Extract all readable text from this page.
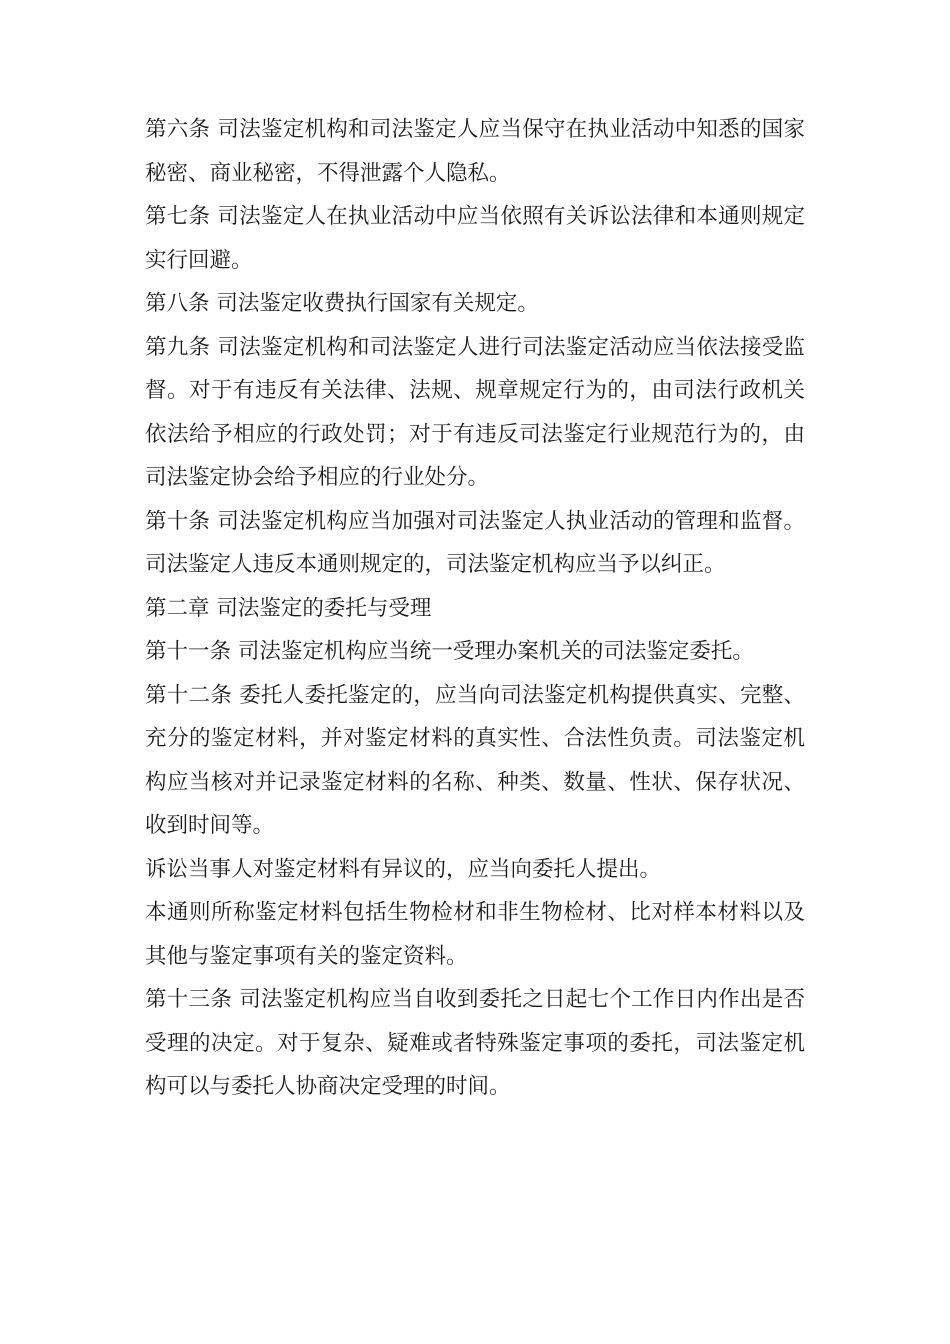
第六条 司法鉴定机构和司法鉴定人应当保守在执业活动中知悉的国家秘密、商业秘密，不得泄露个人隐私。

第七条 司法鉴定人在执业活动中应当依照有关诉讼法律和本通则规定实行回避。

第八条 司法鉴定收费执行国家有关规定。

第九条 司法鉴定机构和司法鉴定人进行司法鉴定活动应当依法接受监督。对于有违反有关法律、法规、规章规定行为的，由司法行政机关依法给予相应的行政处罚；对于有违反司法鉴定行业规范行为的，由司法鉴定协会给予相应的行业处分。

第十条 司法鉴定机构应当加强对司法鉴定人执业活动的管理和监督。司法鉴定人违反本通则规定的，司法鉴定机构应当予以纠正。

第二章 司法鉴定的委托与受理

第十一条 司法鉴定机构应当统一受理办案机关的司法鉴定委托。

第十二条 委托人委托鉴定的，应当向司法鉴定机构提供真实、完整、充分的鉴定材料，并对鉴定材料的真实性、合法性负责。司法鉴定机构应当核对并记录鉴定材料的名称、种类、数量、性状、保存状况、收到时间等。

诉讼当事人对鉴定材料有异议的，应当向委托人提出。

本通则所称鉴定材料包括生物检材和非生物检材、比对样本材料以及其他与鉴定事项有关的鉴定资料。

第十三条 司法鉴定机构应当自收到委托之日起七个工作日内作出是否受理的决定。对于复杂、疑难或者特殊鉴定事项的委托，司法鉴定机构可以与委托人协商决定受理的时间。
